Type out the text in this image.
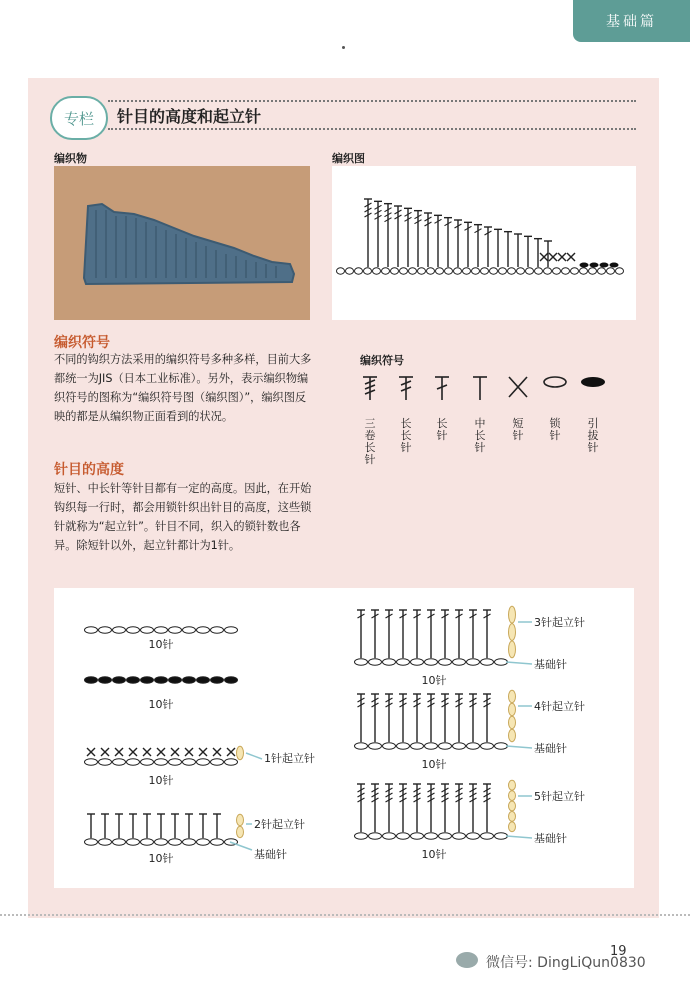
基础篇
专栏 针目的高度和起立针
编织物	编织图
编织符号
不同的钩织方法采用的编织符号多种多样，目前大多都统一为JIS（日本工业标准）。另外，表示编织物编织符号的图称为“编织符号图（编织图）”，编织图反映的都是从编织物正面看到的状况。
针目的高度
短针、中长针等针目都有一定的高度。因此，在开始钩织每一行时，都会用锁针织出针目的高度，这些锁针就称为“起立针”。针目不同，织入的锁针数也各异。除短针以外，起立针都计为1针。
编织符号
三卷长针
长长针
长针
中长针
短针
锁针
引拔针
10针
10针
1针起立针
10针
2针起立针
基础针
10针
3针起立针
基础针
10针
4针起立针
基础针
10针
5针起立针
基础针
10针
19
微信号: DingLiQun0830
